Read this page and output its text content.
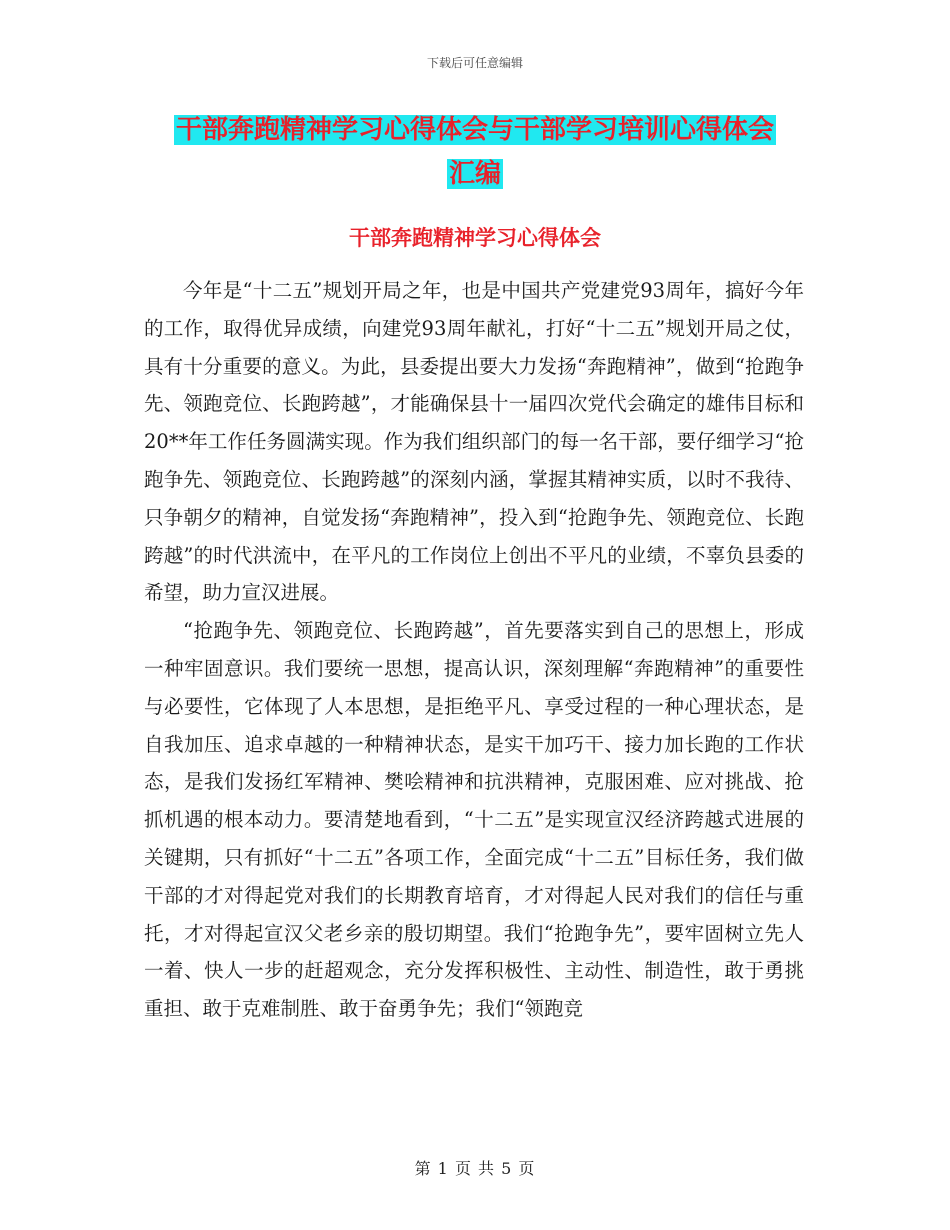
下载后可任意编辑
干部奔跑精神学习心得体会与干部学习培训心得体会
汇编
干部奔跑精神学习心得体会

今年是“十二五”规划开局之年，也是中国共产党建党93周年，搞好今年的工作，取得优异成绩，向建党93周年献礼，打好“十二五”规划开局之仗，具有十分重要的意义。为此，县委提出要大力发扬“奔跑精神”，做到“抢跑争先、领跑竞位、长跑跨越”，才能确保县十一届四次党代会确定的雄伟目标和20**年工作任务圆满实现。作为我们组织部门的每一名干部，要仔细学习“抢跑争先、领跑竞位、长跑跨越”的深刻内涵，掌握其精神实质，以时不我待、只争朝夕的精神，自觉发扬“奔跑精神”，投入到“抢跑争先、领跑竞位、长跑跨越”的时代洪流中，在平凡的工作岗位上创出不平凡的业绩，不辜负县委的希望，助力宣汉进展。

“抢跑争先、领跑竞位、长跑跨越”，首先要落实到自己的思想上，形成一种牢固意识。我们要统一思想，提高认识，深刻理解“奔跑精神”的重要性与必要性，它体现了人本思想，是拒绝平凡、享受过程的一种心理状态，是自我加压、追求卓越的一种精神状态，是实干加巧干、接力加长跑的工作状态，是我们发扬红军精神、樊哙精神和抗洪精神，克服困难、应对挑战、抢抓机遇的根本动力。要清楚地看到，“十二五”是实现宣汉经济跨越式进展的关键期，只有抓好“十二五”各项工作，全面完成“十二五”目标任务，我们做干部的才对得起党对我们的长期教育培育，才对得起人民对我们的信任与重托，才对得起宣汉父老乡亲的殷切期望。我们“抢跑争先”，要牢固树立先人一着、快人一步的赶超观念，充分发挥积极性、主动性、制造性，敢于勇挑重担、敢于克难制胜、敢于奋勇争先；我们“领跑竞

第 1 页 共 5 页
